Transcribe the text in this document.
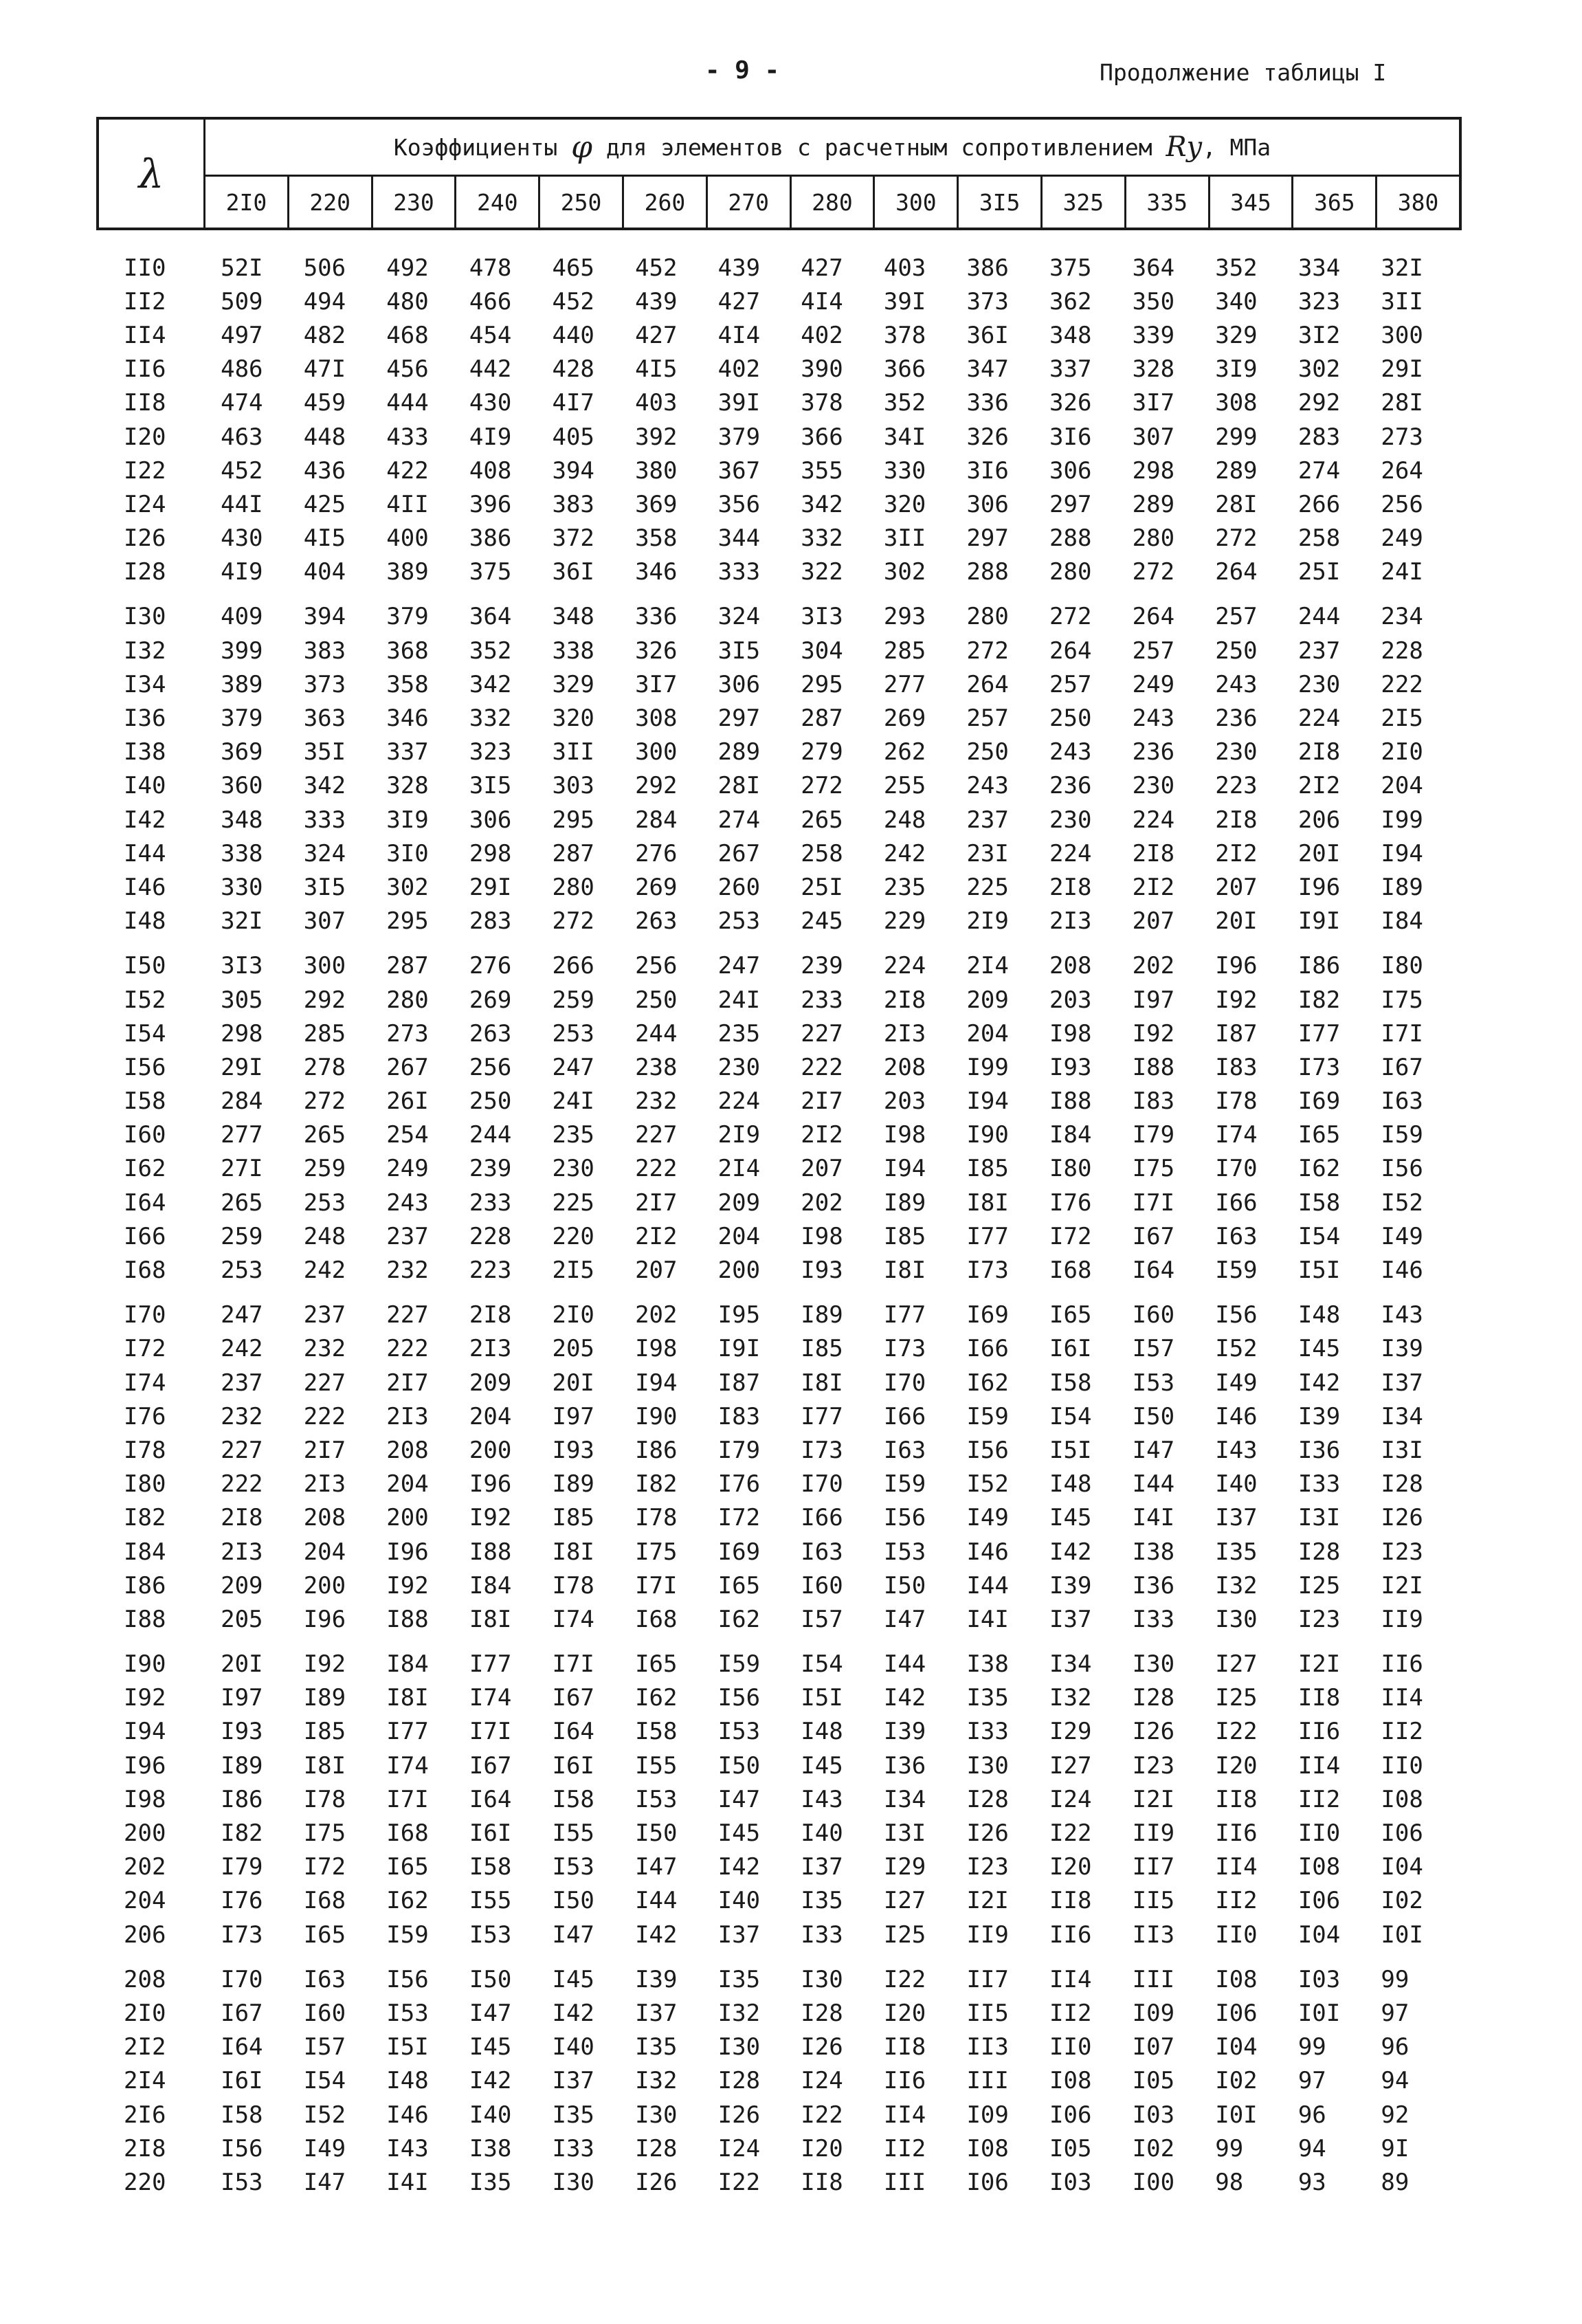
- 9 -	Продолжение таблицы I
λ
Коэффициенты φ для элементов с расчетным сопротивлением Rу , МПа
2I0	220	230	240	250	260	270	280	300	3I5	325	335	345	365	380
II0	52I	506	492	478	465	452	439	427	403	386	375	364	352	334	32I
II2	509	494	480	466	452	439	427	4I4	39I	373	362	350	340	323	3II
II4	497	482	468	454	440	427	4I4	402	378	36I	348	339	329	3I2	300
II6	486	47I	456	442	428	4I5	402	390	366	347	337	328	3I9	302	29I
II8	474	459	444	430	4I7	403	39I	378	352	336	326	3I7	308	292	28I
I20	463	448	433	4I9	405	392	379	366	34I	326	3I6	307	299	283	273
I22	452	436	422	408	394	380	367	355	330	3I6	306	298	289	274	264
I24	44I	425	4II	396	383	369	356	342	320	306	297	289	28I	266	256
I26	430	4I5	400	386	372	358	344	332	3II	297	288	280	272	258	249
I28	4I9	404	389	375	36I	346	333	322	302	288	280	272	264	25I	24I
I30	409	394	379	364	348	336	324	3I3	293	280	272	264	257	244	234
I32	399	383	368	352	338	326	3I5	304	285	272	264	257	250	237	228
I34	389	373	358	342	329	3I7	306	295	277	264	257	249	243	230	222
I36	379	363	346	332	320	308	297	287	269	257	250	243	236	224	2I5
I38	369	35I	337	323	3II	300	289	279	262	250	243	236	230	2I8	2I0
I40	360	342	328	3I5	303	292	28I	272	255	243	236	230	223	2I2	204
I42	348	333	3I9	306	295	284	274	265	248	237	230	224	2I8	206	I99
I44	338	324	3I0	298	287	276	267	258	242	23I	224	2I8	2I2	20I	I94
I46	330	3I5	302	29I	280	269	260	25I	235	225	2I8	2I2	207	I96	I89
I48	32I	307	295	283	272	263	253	245	229	2I9	2I3	207	20I	I9I	I84
I50	3I3	300	287	276	266	256	247	239	224	2I4	208	202	I96	I86	I80
I52	305	292	280	269	259	250	24I	233	2I8	209	203	I97	I92	I82	I75
I54	298	285	273	263	253	244	235	227	2I3	204	I98	I92	I87	I77	I7I
I56	29I	278	267	256	247	238	230	222	208	I99	I93	I88	I83	I73	I67
I58	284	272	26I	250	24I	232	224	2I7	203	I94	I88	I83	I78	I69	I63
I60	277	265	254	244	235	227	2I9	2I2	I98	I90	I84	I79	I74	I65	I59
I62	27I	259	249	239	230	222	2I4	207	I94	I85	I80	I75	I70	I62	I56
I64	265	253	243	233	225	2I7	209	202	I89	I8I	I76	I7I	I66	I58	I52
I66	259	248	237	228	220	2I2	204	I98	I85	I77	I72	I67	I63	I54	I49
I68	253	242	232	223	2I5	207	200	I93	I8I	I73	I68	I64	I59	I5I	I46
I70	247	237	227	2I8	2I0	202	I95	I89	I77	I69	I65	I60	I56	I48	I43
I72	242	232	222	2I3	205	I98	I9I	I85	I73	I66	I6I	I57	I52	I45	I39
I74	237	227	2I7	209	20I	I94	I87	I8I	I70	I62	I58	I53	I49	I42	I37
I76	232	222	2I3	204	I97	I90	I83	I77	I66	I59	I54	I50	I46	I39	I34
I78	227	2I7	208	200	I93	I86	I79	I73	I63	I56	I5I	I47	I43	I36	I3I
I80	222	2I3	204	I96	I89	I82	I76	I70	I59	I52	I48	I44	I40	I33	I28
I82	2I8	208	200	I92	I85	I78	I72	I66	I56	I49	I45	I4I	I37	I3I	I26
I84	2I3	204	I96	I88	I8I	I75	I69	I63	I53	I46	I42	I38	I35	I28	I23
I86	209	200	I92	I84	I78	I7I	I65	I60	I50	I44	I39	I36	I32	I25	I2I
I88	205	I96	I88	I8I	I74	I68	I62	I57	I47	I4I	I37	I33	I30	I23	II9
I90	20I	I92	I84	I77	I7I	I65	I59	I54	I44	I38	I34	I30	I27	I2I	II6
I92	I97	I89	I8I	I74	I67	I62	I56	I5I	I42	I35	I32	I28	I25	II8	II4
I94	I93	I85	I77	I7I	I64	I58	I53	I48	I39	I33	I29	I26	I22	II6	II2
I96	I89	I8I	I74	I67	I6I	I55	I50	I45	I36	I30	I27	I23	I20	II4	II0
I98	I86	I78	I7I	I64	I58	I53	I47	I43	I34	I28	I24	I2I	II8	II2	I08
200	I82	I75	I68	I6I	I55	I50	I45	I40	I3I	I26	I22	II9	II6	II0	I06
202	I79	I72	I65	I58	I53	I47	I42	I37	I29	I23	I20	II7	II4	I08	I04
204	I76	I68	I62	I55	I50	I44	I40	I35	I27	I2I	II8	II5	II2	I06	I02
206	I73	I65	I59	I53	I47	I42	I37	I33	I25	II9	II6	II3	II0	I04	I0I
208	I70	I63	I56	I50	I45	I39	I35	I30	I22	II7	II4	III	I08	I03	99
2I0	I67	I60	I53	I47	I42	I37	I32	I28	I20	II5	II2	I09	I06	I0I	97
2I2	I64	I57	I5I	I45	I40	I35	I30	I26	II8	II3	II0	I07	I04	99	96
2I4	I6I	I54	I48	I42	I37	I32	I28	I24	II6	III	I08	I05	I02	97	94
2I6	I58	I52	I46	I40	I35	I30	I26	I22	II4	I09	I06	I03	I0I	96	92
2I8	I56	I49	I43	I38	I33	I28	I24	I20	II2	I08	I05	I02	99	94	9I
220	I53	I47	I4I	I35	I30	I26	I22	II8	III	I06	I03	I00	98	93	89
